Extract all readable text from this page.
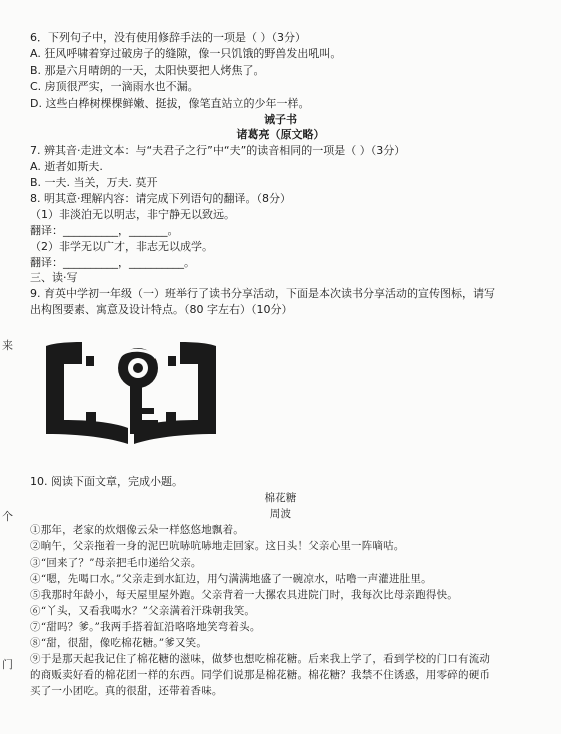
6．下列句子中，没有使用修辞手法的一项是（ ）（3分）
A. 狂风呼啸着穿过破房子的缝隙，像一只饥饿的野兽发出吼叫。
B. 那是六月晴朗的一天，太阳快要把人烤焦了。
C. 房顶很严实，一滴雨水也不漏。
D. 这些白桦树棵棵鲜嫩、挺拔，像笔直站立的少年一样。
诫子书
诸葛亮（原文略）
7. 辨其音·走进文本：与“夫君子之行”中“夫”的读音相同的一项是（ ）（3分）
A. 逝者如斯夫.
B. 一夫. 当关，万夫. 莫开
8. 明其意·理解内容：请完成下列语句的翻译。（8分）
（1）非淡泊无以明志，非宁静无以致远。
翻译：__________，_______。
（2）非学无以广才，非志无以成学。
翻译：__________，__________。
三、读·写
9. 育英中学初一年级（一）班举行了读书分享活动，下面是本次读书分享活动的宣传图标，请写
出构图要素、寓意及设计特点。（80 字左右）（10分）
来
个
门
10. 阅读下面文章，完成小题。
棉花糖
周波
①那年，老家的炊烟像云朵一样悠悠地飘着。
②晌午，父亲拖着一身的泥巴吭哧吭哧地走回家。这日头！父亲心里一阵嘀咕。
③“回来了？”母亲把毛巾递给父亲。
④“嗯，先喝口水。”父亲走到水缸边，用勺满满地盛了一碗凉水，咕噜一声灌进肚里。
⑤我那时年龄小，每天屋里屋外跑。父亲背着一大摞农具进院门时，我每次比母亲跑得快。
⑥“丫头，又看我喝水？”父亲满着汗珠朝我笑。
⑦“甜吗？爹。”我两手搭着缸沿咯咯地笑弯着头。
⑧“甜，很甜，像吃棉花糖。”爹又笑。
⑨于是那天起我记住了棉花糖的滋味，做梦也想吃棉花糖。后来我上学了，看到学校的门口有流动
的商贩卖好看的棉花团一样的东西。同学们说那是棉花糖。棉花糖？我禁不住诱惑，用零碎的硬币
买了一小团吃。真的很甜，还带着香味。
